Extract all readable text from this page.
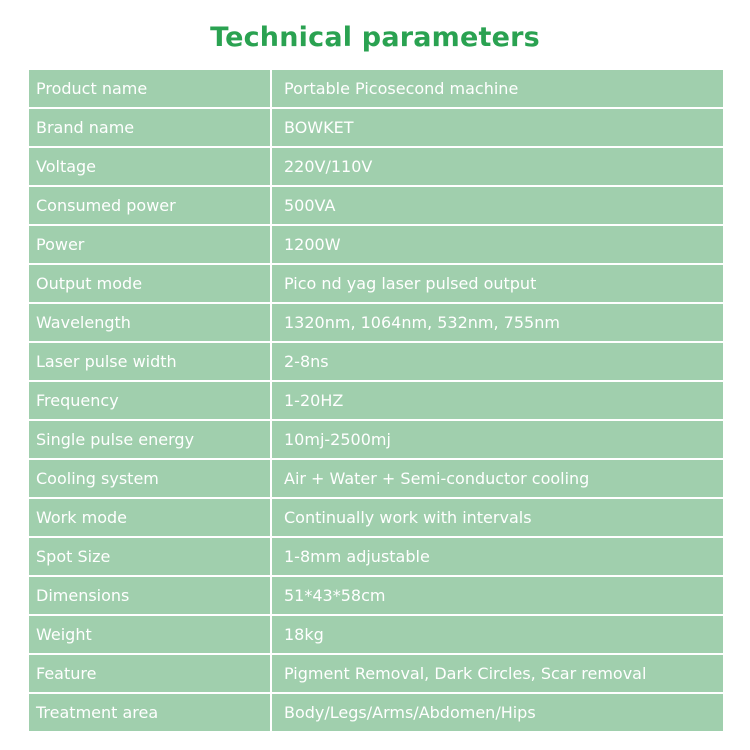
Technical parameters
Product name	Portable Picosecond machine
Brand name	BOWKET
Voltage	220V/110V
Consumed power	500VA
Power	1200W
Output mode	Pico nd yag laser pulsed output
Wavelength	1320nm, 1064nm, 532nm, 755nm
Laser pulse width	2-8ns
Frequency	1-20HZ
Single pulse energy	10mj-2500mj
Cooling system	Air + Water + Semi-conductor cooling
Work mode	Continually work with intervals
Spot Size	1-8mm adjustable
Dimensions	51*43*58cm
Weight	18kg
Feature	Pigment Removal, Dark Circles, Scar removal
Treatment area	Body/Legs/Arms/Abdomen/Hips
